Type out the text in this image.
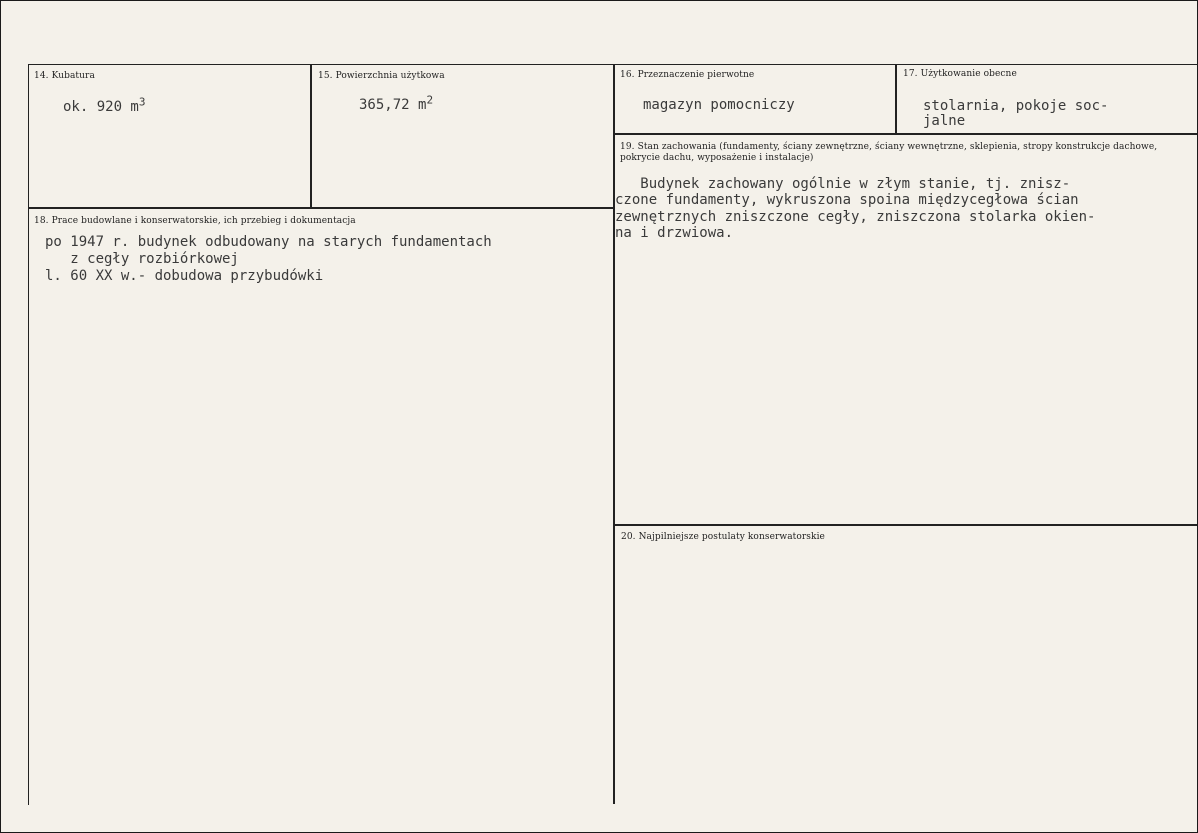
14. Kubatura
ok. 920 $m^3$
15. Powierzchnia użytkowa
365,72 $m^2$
16. Przeznaczenie pierwotne
magazyn pomocniczy
17. Użytkowanie obecne
stolarnia, pokoje soc-
jalne
18. Prace budowlane i konserwatorskie, ich przebieg i dokumentacja
po 1947 r. budynek odbudowany na starych fundamentach
z cegły rozbiórkowej
l. 60 XX w.- dobudowa przybudówki
19. Stan zachowania (fundamenty, ściany zewnętrzne, ściany wewnętrzne, sklepienia, stropy konstrukcje dachowe, pokrycie dachu, wyposażenie i instalacje)
Budynek zachowany ogólnie w złym stanie, tj. znisz-
czone fundamenty, wykruszona spoina międzycegłowa ścian
zewnętrznych zniszczone cegły, zniszczona stolarka okien-
na i drzwiowa.
20. Najpilniejsze postulaty konserwatorskie
